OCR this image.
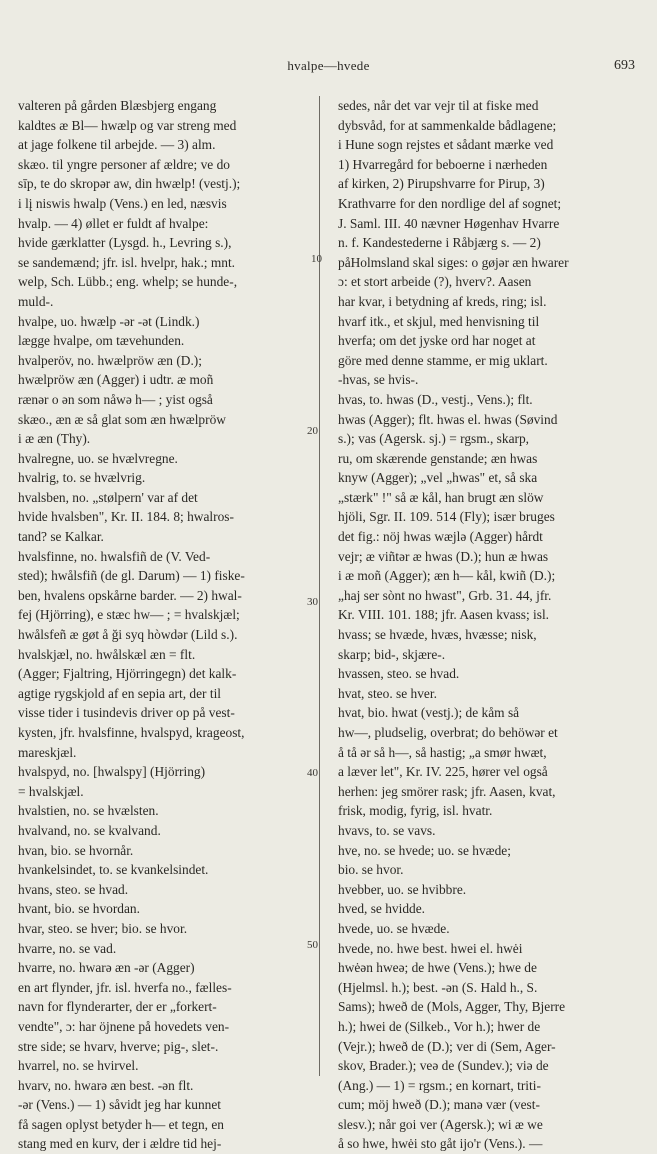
hvalpe—hvede	693
valteren på gården Blæsbjerg engang
kaldtes æ Bl— hwælp og var streng med
at jage folkene til arbejde. — 3) alm.
skæo. til yngre personer af ældre; ve do
sīp, te do skropər aw, din hwælp! (vestj.);
i lį niswis hwalp (Vens.) en led, næsvis
hvalp. — 4) øllet er fuldt af hvalpe:
hvide gærklatter (Lysgd. h., Levring s.),
se sandemænd; jfr. isl. hvelpr, hak.; mnt.
welp, Sch. Lübb.; eng. whelp; se hunde-,
muld-.
hvalpe, uo. hwælp -ər -ət (Lindk.)
lægge hvalpe, om tævehunden.
hvalperöv, no. hwælpröw æn (D.);
hwælpröw æn (Agger) i udtr. æ moñ
rænər o ən som nåwə h— ; yist også
skæo., æn æ så glat som æn hwælpröw
i æ æn (Thy).
hvalregne, uo. se hvælvregne.
hvalrig, to. se hvælvrig.
hvalsben, no. „stølpern' var af det
hvide hvalsben", Kr. II. 184. 8; hwalros-
tand? se Kalkar.
hvalsfinne, no. hwalsfiñ de (V. Ved-
sted); hwålsfiñ (de gl. Darum) — 1) fiske-
ben, hvalens opskårne barder. — 2) hwal-
fej (Hjörring), e stæc hw— ; = hvalskjæl;
hwålsfeñ æ gøt å ği syq hòwdər (Lild s.).
hvalskjæl, no. hwålskæl æn = flt.
(Agger; Fjaltring, Hjörringegn) det kalk-
agtige rygskjold af en sepia art, der til
visse tider i tusindevis driver op på vest-
kysten, jfr. hvalsfinne, hvalspyd, krageost,
mareskjæl.
hvalspyd, no. [hwalspy] (Hjörring)
= hvalskjæl.
hvalstien, no. se hvælsten.
hvalvand, no. se kvalvand.
hvan, bio. se hvornår.
hvankelsindet, to. se kvankelsindet.
hvans, steo. se hvad.
hvant, bio. se hvordan.
hvar, steo. se hver; bio. se hvor.
hvarre, no. se vad.
hvarre, no. hwarə æn -ər (Agger)
en art flynder, jfr. isl. hverfa no., fælles-
navn for flynderarter, der er „forkert-
vendte", ɔ: har öjnene på hovedets ven-
stre side; se hvarv, hverve; pig-, slet-.
hvarrel, no. se hvirvel.
hvarv, no. hwarə æn best. -ən flt.
-ər (Vens.) — 1) såvidt jeg har kunnet
få sagen oplyst betyder h— et tegn, en
stang med en kurv, der i ældre tid hej-
sedes, når det var vejr til at fiske med
dybsvåd, for at sammenkalde bådlagene;
i Hune sogn rejstes et sådant mærke ved
1) Hvarregård for beboerne i nærheden
af kirken, 2) Pirupshvarre for Pirup, 3)
Krathvarre for den nordlige del af sognet;
J. Saml. III. 40 nævner Høgenhav Hvarre
n. f. Kandestederne i Råbjærg s. — 2)
påHolmsland skal siges: o gøjər æn hwarer
ɔ: et stort arbeide (?), hverv?. Aasen
har kvar, i betydning af kreds, ring; isl.
hvarf itk., et skjul, med henvisning til
hverfa; om det jyske ord har noget at
göre med denne stamme, er mig uklart.
-hvas, se hvis-.
hvas, to. hwas (D., vestj., Vens.); flt.
hwas (Agger); flt. hwas el. hwas (Søvind
s.); vas (Agersk. sj.) = rgsm., skarp,
ru, om skærende genstande; æn hwas
knyw (Agger); „vel „hwas" et, så ska
„stærk" !" så æ kål, han brugt æn slöw
hjöli, Sgr. II. 109. 514 (Fly); især bruges
det fig.: nöj hwas wæjlə (Agger) hårdt
vejr; æ viñtər æ hwas (D.); hun æ hwas
i æ moñ (Agger); æn h— kål, kwiñ (D.);
„haj ser sònt no hwast", Grb. 31. 44, jfr.
Kr. VIII. 101. 188; jfr. Aasen kvass; isl.
hvass; se hvæde, hvæs, hvæsse; nisk,
skarp; bid-, skjære-.
hvassen, steo. se hvad.
hvat, steo. se hver.
hvat, bio. hwat (vestj.); de kåm så
hw—, pludselig, overbrat; do behöwər et
å tå ər så h—, så hastig; „a smør hwæt,
a læver let", Kr. IV. 225, hører vel også
herhen: jeg smörer rask; jfr. Aasen, kvat,
frisk, modig, fyrig, isl. hvatr.
hvavs, to. se vavs.
hve, no. se hvede; uo. se hvæde;
bio. se hvor.
hvebber, uo. se hvibbre.
hved, se hvidde.
hvede, uo. se hvæde.
hvede, no. hwe best. hwei el. hwėi
hwėən hweə; de hwe (Vens.); hwe de
(Hjelmsl. h.); best. -ən (S. Hald h., S.
Sams); hweð de (Mols, Agger, Thy, Bjerre
h.); hwei de (Silkeb., Vor h.); hwer de
(Vejr.); hweð de (D.); ver di (Sem, Ager-
skov, Brader.); veə de (Sundev.); viə de
(Ang.) — 1) = rgsm.; en kornart, triti-
cum; möj hweð (D.); manə vær (vest-
slesv.); når goi ver (Agersk.); wi æ we
å so hwe, hwėi sto gåt ijo'r (Vens.). —
10
20
30
40
50
